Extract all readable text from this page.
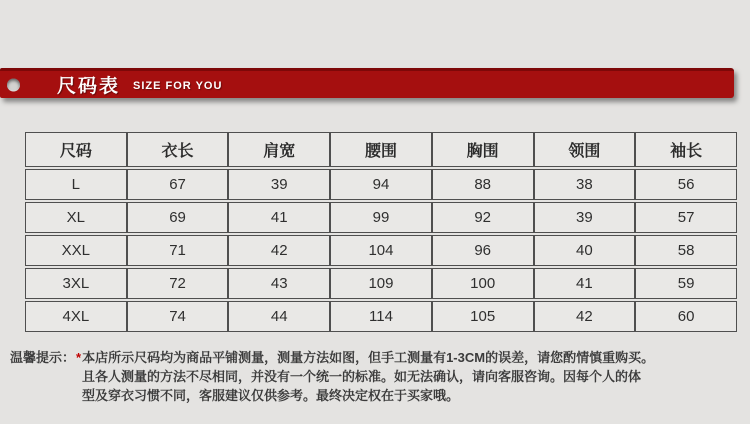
尺码表 SIZE FOR YOU
尺码	衣长	肩宽	腰围	胸围	领围	袖长
L	67	39	94	88	38	56
XL	69	41	99	92	39	57
XXL	71	42	104	96	40	58
3XL	72	43	109	100	41	59
4XL	74	44	114	105	42	60
温馨提示：*本店所示尺码均为商品平铺测量，测量方法如图，但手工测量有1-3CM的误差，请您酌情慎重购买。
且各人测量的方法不尽相同，并没有一个统一的标准。如无法确认，请向客服咨询。因每个人的体
型及穿衣习惯不同，客服建议仅供参考。最终决定权在于买家哦。
